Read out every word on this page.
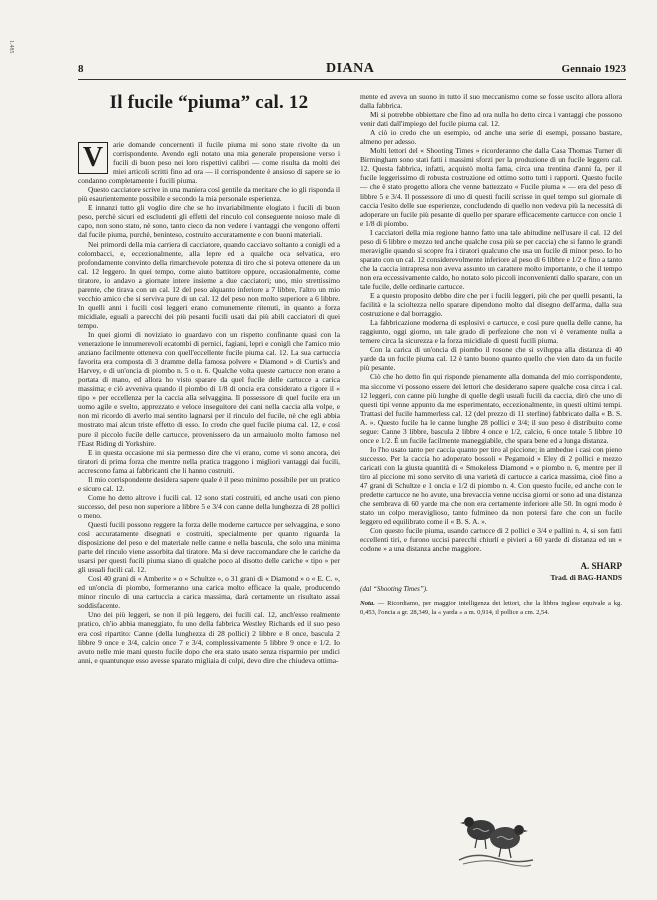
1.485
8	DIANA	Gennaio 1923
Il fucile “piuma” cal. 12
V	arie domande concernenti il fucile piuma mi sono state rivolte da un corrispondente. Avendo egli notato una mia generale propensione verso i fucili di buon peso nei loro rispettivi calibri — come risulta da molti dei miei articoli scritti fino ad ora — il corrispondente è ansioso di sapere se io condanno completamente i fucili piuma.

Questo cacciatore scrive in una maniera così gentile da meritare che io gli risponda il più esaurientemente possibile e secondo la mia personale esperienza.

E innanzi tutto gli voglio dire che se ho invariabilmente elogiato i fucili di buon peso, perchè sicuri ed escludenti gli effetti del rinculo col conseguente noioso male di capo, non sono stato, nè sono, tanto cieco da non vedere i vantaggi che vengono offerti dal fucile piuma, purchè, beninteso, costruito accuratamente e con buoni materiali.

Nei primordi della mia carriera di cacciatore, quando cacciavo soltanto a conigli ed a colombacci, e, eccezionalmente, alla lepre ed a qualche oca selvatica, ero profondamente convinto della rimarchevole potenza di tiro che si poteva ottenere da un cal. 12 leggero. In quei tempo, come aiuto battitore oppure, occasionalmente, come tiratore, io andavo a giornate intere insieme a due cacciatori; uno, mio strettissimo parente, che tirava con un cal. 12 del peso alquanto inferiore a 7 libbre, l'altro un mio vecchio amico che si serviva pure di un cal. 12 del peso non molto superiore a 6 libbre. In quelli anni i fucili così leggeri erano comunemente ritenuti, in quanto a forza micidiale, eguali a parecchi dei più pesanti fucili usati dai più abili cacciatori di quei tempo.

In quei giorni di noviziato io guardavo con un rispetto confinante quasi con la venerazione le innumerevoli ecatombi di pernici, fagiani, lepri e conigli che l'amico mio anziano facilmente otteneva con quell'eccellente fucile piuma cal. 12. La sua cartuccia favorita era composta di 3 dramme della famosa polvere « Diamond » di Curtis's and Harvey, e di un'oncia di piombo n. 5 o n. 6. Qualche volta queste cartucce non erano a portata di mano, ed allora ho visto sparare da quel fucile delle cartucce a carica massima; e ciò avveniva quando il piombo di 1/8 di oncia era considerato a rigore il « tipo » per eccellenza per la caccia alla selvaggina. Il possessore di quel fucile era un uomo agile e svelto, apprezzato e veloce inseguitore dei cani nella caccia alla volpe, e non mi ricordo di averlo mai sentito lagnarsi per il rinculo del fucile, nè che egli abbia mostrato mai alcun triste effetto di esso. Io credo che quel fucile piuma cal. 12, e così pure il piccolo fucile delle cartucce, provenissero da un armaiuolo molto famoso nel l'East Riding di Yorkshire.

E in questa occasione mi sia permesso dire che vi erano, come vi sono ancora, dei tiratori di prima forza che mentre nella pratica traggono i migliori vantaggi dai fucili, accrescono fama ai fabbricanti che li hanno costruiti.

Il mio corrispondente desidera sapere quale è il peso minimo possibile per un pratico e sicuro cal. 12.

Come ho detto altrove i fucili cal. 12 sono stati costruiti, ed anche usati con pieno successo, del peso non superiore a libbre 5 e 3/4 con canne della lunghezza di 28 pollici o meno.

Questi fucili possono reggere la forza delle moderne cartucce per selvaggina, e sono così accuratamente disegnati e costruiti, specialmente per quanto riguarda la disposizione del peso e del materiale nelle canne e nella bascula, che solo una minima parte del rinculo viene assorbita dal tiratore. Ma si deve raccomandare che le cariche da usarsi per questi fucili piuma siano di qualche poco al disotto delle cariche « tipo » per gli usuali fucili cal. 12.

Così 40 grani di « Amberite » o « Schultze », o 31 grani di « Diamond » o « E. C. », ed un'oncia di piombo, formeranno una carica molto efficace la quale, producendo minor rinculo di una cartuccia a carica massima, darà certamente un risultato assai soddisfacente.

Uno dei più leggeri, se non il più leggero, dei fucili cal. 12, anch'esso realmente pratico, ch'io abbia maneggiato, fu uno della fabbrica Westley Richards ed il suo peso era così ripartito: Canne (della lunghezza di 28 pollici) 2 libbre e 8 once, bascula 2 libbre 9 once e 3/4, calcio once 7 e 3/4, complessivamente 5 libbre 9 once e 1/2. Io avuto nelle mie mani questo fucile dopo che era stato usato senza risparmio per undici anni, e quantunque esso avesse sparato migliaia di colpi, devo dire che chiudeva ottima-

mente ed aveva un suono in tutto il suo meccanismo come se fosse uscito allora allora dalla fabbrica.

Mi si potrebbe obbiettare che fino ad ora nulla ho detto circa i vantaggi che possono venir dati dall'impiego del fucile piuma cal. 12.

A ciò io credo che un esempio, od anche una serie di esempi, possano bastare, almeno per adesso.

Molti lettori del « Shooting Times » ricorderanno che dalla Casa Thomas Turner di Birmingham sono stati fatti i massimi sforzi per la produzione di un fucile leggero cal. 12. Questa fabbrica, infatti, acquistò molta fama, circa una trentina d'anni fa, per il fucile leggerissimo di robusta costruzione ed ottimo sotto tutti i rapporti. Questo fucile — che è stato progetto allora che venne battezzato « Fucile piuma » — era del peso di libbre 5 e 3/4. Il possessore di uno di questi fucili scrisse in quel tempo sul giornale di caccia l'esito delle sue esperienze, concludendo di quello non vedeva più la necessità di adoperare un fucile più pesante di quello per sparare efficacemente cartucce con oncie 1 e 1/8 di piombo.

I cacciatori della mia regione hanno fatto una tale abitudine nell'usare il cal. 12 del peso di 6 libbre e mezzo ted anche qualche cosa più se per caccia) che si fanno le grandi meraviglie quando si scopre fra i tiratori qualcuno che usa un fucile di minor peso. Io ho sparato con un cal. 12 considerevolmente inferiore al peso di 6 libbre e 1/2 e fino a tanto che la caccia intrapresa non aveva assunto un carattere molto importante, o che il tempo non era eccessivamente caldo, ho notato solo piccoli inconvenienti dallo sparare, con un tale fucile, delle ordinarie cartucce.

E a questo proposito debbo dire che per i fucili leggeri, più che per quelli pesanti, la facilità e la scioltezza nello sparare dipendono molto dal disegno dell'arma, dalla sua costruzione e dal borraggio.

La fabbricazione moderna di esplosivi e cartucce, e così pure quella delle canne, ha raggiunto, oggi giorno, un tale grado di perfezione che non vi è veramente nulla a temere circa la sicurezza e la forza micidiale di questi fucili piuma.

Con la carica di un'oncia di piombo il rosone che si sviluppa alla distanza di 40 yarde da un fucile piuma cal. 12 è tanto buono quanto quello che vien dato da un fucile più pesante.

Ciò che ho detto fin qui risponde pienamente alla domanda del mio corrispondente, ma siccome vi possono essere dei lettori che desiderano sapere qualche cosa circa i cal. 12 leggeri, con canne più lunghe di quelle degli usuali fucili da caccia, dirò che uno di questi tipi venne appunto da me esperimentato, eccezionalmente, in questi ultimi tempi. Trattasi del fucile hammerless cal. 12 (del prezzo di 11 sterline) fabbricato dalla « B. S. A. ». Questo fucile ha le canne lunghe 28 pollici e 3/4; il suo peso è distribuito come segue: Canne 3 libbre, bascula 2 libbre 4 once e 1/2, calcio, 6 once totale 5 libbre 10 once e 1/2. È un fucile facilmente maneggiabile, che spara bene ed a lunga distanza.

Io l'ho usato tanto per caccia quanto per tiro al piccione; in ambedue i casi con pieno successo. Per la caccia ho adoperato bossoli « Pegamoid » Eley di 2 pollici e mezzo caricati con la giusta quantità di « Smokeless Diamond » e piombo n. 6, mentre per il tiro al piccione mi sono servito di una varietà di cartucce a carica massima, cioè fino a 47 grani di Schultze e 1 oncia e 1/2 di piombo n. 4. Con questo fucile, ed anche con le predette cartucce ne ho avute, una brevaccia venne uccisa giorni or sono ad una distanza che sembrava di 60 yarde ma che non era certamente inferiore alle 50. In ogni modo è stato un colpo meraviglioso, tanto fulmineo da non potersi fare che con un fucile leggero ed equilibrato come il « B. S. A. ».

Con questo fucile piuma, usando cartucce di 2 pollici e 3/4 e pallini n. 4, si son fatti eccellenti tiri, e furono uccisi parecchi chiurli e pivieri a 60 yarde di distanza ed un « codone » a una distanza anche maggiore.

A. SHARP
Trad. di BAG-HANDS
(dal “Shooting Times”).
Nota. — Ricordiamo, per maggior intelligenza dei lettori, che la libbra inglese equivale a kg. 0,453, l'oncia a gr. 28,349, la « yarda » a m. 0,914, il pollice a cm. 2,54.
